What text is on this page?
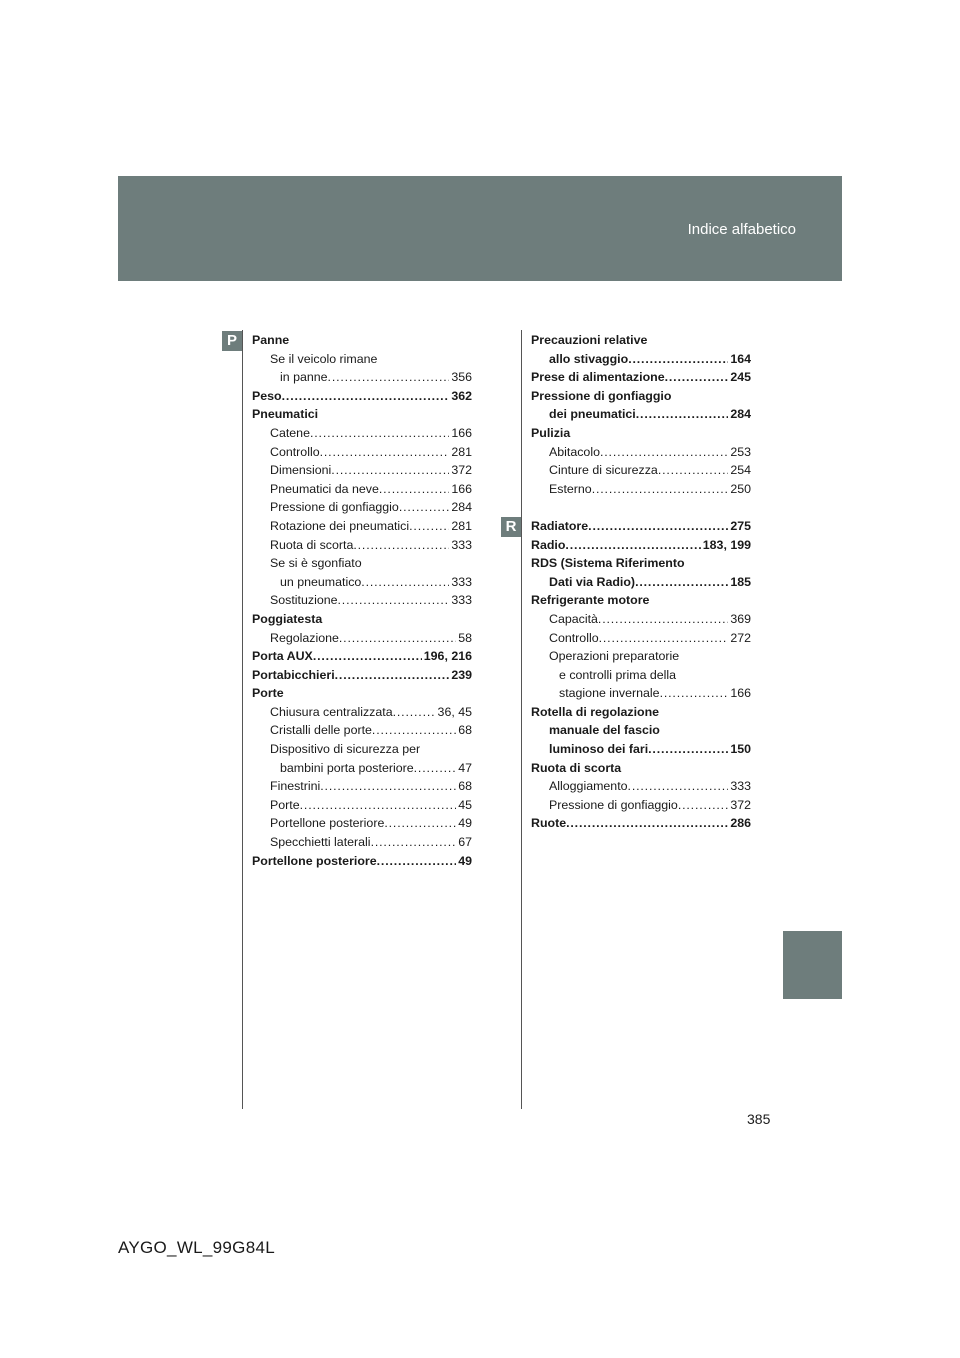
Indice alfabetico
P
R
Panne
Se il veicolo rimane
in panne . . .	356
Peso . . .	362
Pneumatici
Catene . . .	166
Controllo . . .	281
Dimensioni . . .	372
Pneumatici da neve . . .	166
Pressione di gonfiaggio . . .	284
Rotazione dei pneumatici . . .	281
Ruota di scorta . . .	333
Se si è sgonfiato
un pneumatico . . .	333
Sostituzione . . .	333
Poggiatesta
Regolazione . . .	58
Porta AUX . . .	196, 216
Portabicchieri . . .	239
Porte
Chiusura centralizzata . . .	36, 45
Cristalli delle porte . . .	68
Dispositivo di sicurezza per
bambini porta posteriore . . .	47
Finestrini . . .	68
Porte . . .	45
Portellone posteriore . . .	49
Specchietti laterali . . .	67
Portellone posteriore . . .	49
Precauzioni relative
allo stivaggio . . .	164
Prese di alimentazione . . .	245
Pressione di gonfiaggio
dei pneumatici . . .	284
Pulizia
Abitacolo . . .	253
Cinture di sicurezza . . .	254
Esterno . . .	250
Radiatore . . .	275
Radio . . .	183, 199
RDS (Sistema Riferimento
Dati via Radio) . . .	185
Refrigerante motore
Capacità . . .	369
Controllo . . .	272
Operazioni preparatorie
e controlli prima della
stagione invernale . . .	166
Rotella di regolazione
manuale del fascio
luminoso dei fari . . .	150
Ruota di scorta
Alloggiamento . . .	333
Pressione di gonfiaggio . . .	372
Ruote . . .	286
385
AYGO_WL_99G84L
